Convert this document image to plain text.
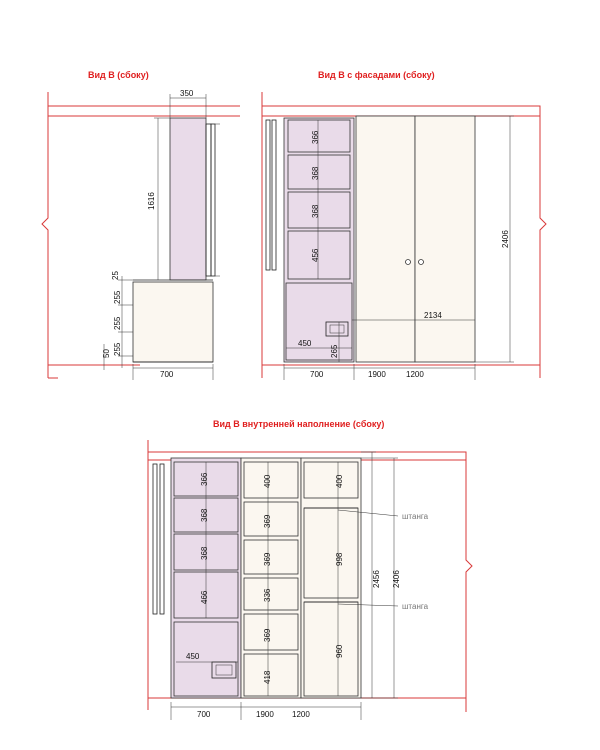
Вид В (сбоку)	Вид В с фасадами (сбоку)
Вид В внутренней наполнение (сбоку)
350
1616
25
255
255
255
50
700
366
368
368
456
2406
2134
450
265
700	1900	1200
366
368
368
466
450
400
369
369
336
369
418
400
998
960
штанга
штанга
2456 2406
700	1900 1200
